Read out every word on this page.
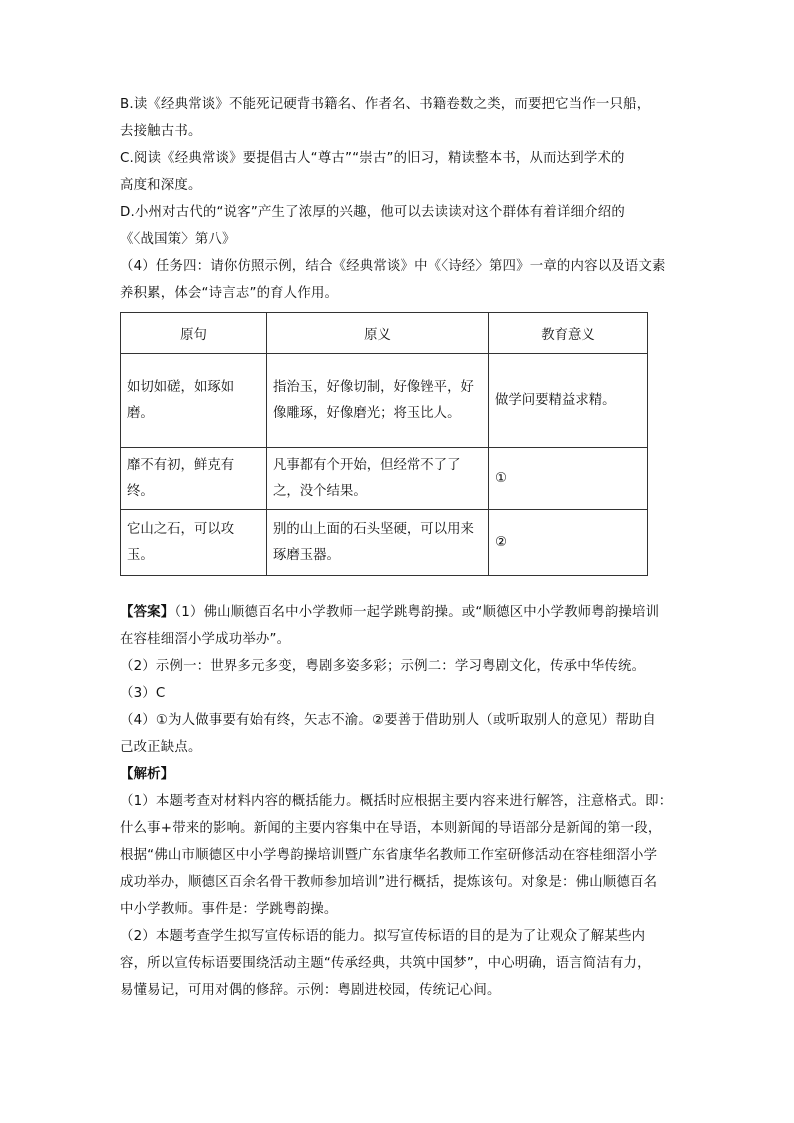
B.读《经典常谈》不能死记硬背书籍名、作者名、书籍卷数之类，而要把它当作一只船，
去接触古书。
C.阅读《经典常谈》要提倡古人“尊古”“崇古”的旧习，精读整本书，从而达到学术的
高度和深度。
D.小州对古代的“说客”产生了浓厚的兴趣，他可以去读读对这个群体有着详细介绍的
《〈战国策〉第八》
（4）任务四：请你仿照示例，结合《经典常谈》中《〈诗经〉第四》一章的内容以及语文素
养积累，体会“诗言志”的育人作用。
原句	原义	教育意义

如切如磋，如琢如磨。	指治玉，好像切制，好像锉平，好像雕琢，好像磨光；将玉比人。	做学问要精益求精。

靡不有初，鲜克有终。	凡事都有个开始，但经常不了了之，没个结果。	①

它山之石，可以攻玉。	别的山上面的石头坚硬，可以用来琢磨玉器。	②
【答案】（1）佛山顺德百名中小学教师一起学跳粤韵操。或“顺德区中小学教师粤韵操培训
在容桂细滘小学成功举办”。
（2）示例一：世界多元多变，粤剧多姿多彩；示例二：学习粤剧文化，传承中华传统。
（3）C
（4）①为人做事要有始有终，矢志不渝。②要善于借助别人（或听取别人的意见）帮助自
己改正缺点。
【解析】
（1）本题考查对材料内容的概括能力。概括时应根据主要内容来进行解答，注意格式。即：
什么事+带来的影响。新闻的主要内容集中在导语，本则新闻的导语部分是新闻的第一段，
根据“佛山市顺德区中小学粤韵操培训暨广东省康华名教师工作室研修活动在容桂细滘小学
成功举办，顺德区百余名骨干教师参加培训”进行概括，提炼该句。对象是：佛山顺德百名
中小学教师。事件是：学跳粤韵操。
（2）本题考查学生拟写宣传标语的能力。拟写宣传标语的目的是为了让观众了解某些内
容，所以宣传标语要围绕活动主题“传承经典，共筑中国梦”，中心明确，语言简洁有力，
易懂易记，可用对偶的修辞。示例：粤剧进校园，传统记心间。
